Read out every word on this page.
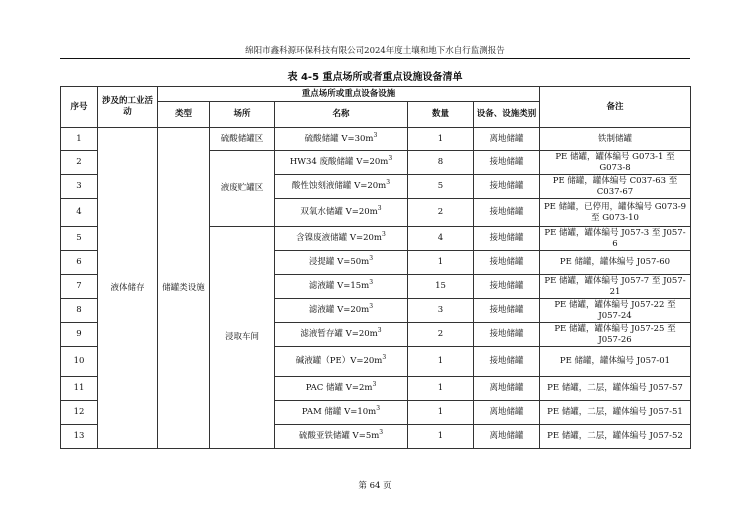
绵阳市鑫科源环保科技有限公司2024年度土壤和地下水自行监测报告
表 4-5 重点场所或者重点设施设备清单
序号	涉及的工业活动	重点场所或重点设备设施					备注
		类型	场所	名称	数量	设备、设施类别	
1	液体储存	储罐类设施	硫酸储罐区	硫酸储罐 $V=30m^3$	1	离地储罐	铁制储罐
2			液废贮罐区	HW34 废酸储罐 $V=20m^3$	8	接地储罐	PE 储罐，罐体编号 G073-1 至 G073-8
3				酸性蚀刻液储罐 $V=20m^3$	5	接地储罐	PE 储罐，罐体编号 C037-63 至 C037-67
4				双氧水储罐 $V=20m^3$	2	接地储罐	PE 储罐，已停用，罐体编号 G073-9 至 G073-10
5			浸取车间	含镍废液储罐 $V=20m^3$	4	接地储罐	PE 储罐，罐体编号 J057-3 至 J057-6
6				浸提罐 $V=50m^3$	1	接地储罐	PE 储罐，罐体编号 J057-60
7				滤液罐 $V=15m^3$	15	接地储罐	PE 储罐，罐体编号 J057-7 至 J057-21
8				滤液罐 $V=20m^3$	3	接地储罐	PE 储罐，罐体编号 J057-22 至 J057-24
9				滤液暂存罐 $V=20m^3$	2	接地储罐	PE 储罐，罐体编号 J057-25 至 J057-26
10				碱液罐$(PE)V=20m^3$	1	接地储罐	PE 储罐，罐体编号 J057-01
11				PAC 储罐 $V=2m^3$	1	离地储罐	PE 储罐，二层，罐体编号 J057-57
12				PAM 储罐 $V=10m^3$	1	离地储罐	PE 储罐，二层，罐体编号 J057-51
13				硫酸亚铁储罐 $V=5m^3$	1	离地储罐	PE 储罐，二层，罐体编号 J057-52
第 64 页
